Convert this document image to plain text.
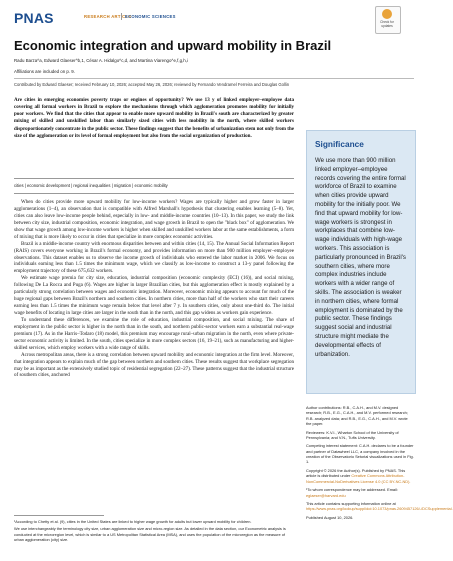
PNAS	RESEARCH ARTICLE
ECONOMIC SCIENCES
Check for updates
Economic integration and upward mobility in Brazil
Radu Barza^a, Edward Glaeser^b,1, César A. Hidalgo^c,d, and Martina Viarengo^e,f,g,h,i
Affiliations are included on p. 9.
Contributed by Edward Glaeser; received February 10, 2026; accepted May 26, 2026; reviewed by Fernando Vendramel Ferreira and Douglas Gollin
Are cities in emerging economies poverty traps or engines of opportunity? We use 13 y of linked employer–employee data covering all formal workers in Brazil to explore the mechanisms through which agglomeration promotes mobility for initially poor workers. We find that the cities that appear to enable more upward mobility in Brazil's south are characterized by greater mixing of skilled and unskilled labor than similarly sized cities with less mobility in the north, where skilled workers disproportionately concentrate in the public sector. These findings suggest that the benefits of urbanization stem not only from the size of the agglomeration or its level of formal employment but also from the social organization of production.
cities | economic development | regional inequalities | migration | economic mobility

When do cities provide more upward mobility for low-income workers? Wages are typically higher and grow faster in larger agglomerations (1–4), an observation that is compatible with Alfred Marshall's hypothesis that clustering enables learning (5–8). Yet, cities can also leave low-income people behind, especially in low- and middle-income countries (10–13). In this paper, we study the link between city size, industrial composition, economic integration, and wage growth in Brazil to open the "black box" of agglomeration. We show that wage growth among low-income workers is higher when skilled and unskilled workers labor at the same establishments, a form of mixing that is more likely to occur in cities that specialize in more complex economic activities.

Brazil is a middle-income country with enormous disparities between and within cities (14, 15). The Annual Social Information Report (RAIS) covers everyone working in Brazil's formal economy, and provides information on more than 900 million employer–employee observations. This dataset enables us to observe the income growth of individuals who entered the labor market in 2006. We focus on individuals earning less than 1.5 times the minimum wage, which we classify as low-income to construct a 13-y panel following the employment trajectory of these 675,632 workers.

We estimate wage premia for city size, education, industrial composition (economic complexity (ECI) (16)), and social mixing, following De La Rocca and Puga (6). Wages are higher in larger Brazilian cities, but this agglomeration effect is mostly explained by a particularly strong correlation between wages and economic integration. Moreover, economic mixing appears to account for much of the huge regional gaps between Brazil's northern and southern cities. In northern cities, more than half of the workers who start their careers earning less than 1.5 times the minimum wage remain below that level after 7 y. In southern cities, only about one-third do. The initial wage benefits of locating in large cities are larger in the south than in the north, and this gap widens as workers gain experience.

To understand these differences, we examine the role of education, industrial composition, and social mixing. The share of employment in the public sector is higher in the north than in the south, and northern public-sector workers earn a substantial real-wage premium (17). As in the Harris–Todaro (18) model, this premium may encourage rural–urban migration in the north, even where private-sector economic activity is limited. In the south, cities specialize in more complex sectors (16, 19–21), such as manufacturing and higher-skilled services, which employ workers with a wide range of skills.

Across metropolitan areas, there is a strong correlation between upward mobility and economic integration at the firm level. Moreover, that integration appears to explain much of the gap between northern and southern cities. These results suggest that workplace segregation may be as important as the extensively studied topic of residential segregation (22–27). These patterns suggest that the industrial structure of southern cities, anchored

¹According to Chetty et al. (9), cities in the United States are linked to higher wage growth for adults but lower upward mobility for children.

We use interchangeably the terminology city size, urban agglomeration size and micro-region size. As detailed in the data section, our Econometric analysis is conducted at the microregion level, which is similar to a US Metropolitan Statistical Area (MSA), and uses the population of the microregion as the measure of urban agglomeration (city) size.

Significance
We use more than 900 million linked employer–employee records covering the entire formal workforce of Brazil to examine when cities provide upward mobility for the initially poor. We find that upward mobility for low-wage workers is strongest in workplaces that combine low-wage individuals with high-wage workers. This association is particularly pronounced in Brazil's southern cities, where more complex industries include workers with a wider range of skills. The association is weaker in northern cities, where formal employment is dominated by the public sector. These findings suggest social and industrial structure might mediate the developmental effects of urbanization.

Author contributions: R.B., C.A.H., and M.V. designed research; R.B., E.G., C.A.H., and M.V. performed research; R.B. analyzed data; and R.B., E.G., C.A.H., and M.V. wrote the paper.

Reviewers: K.V.I., Wharton School of the University of Pennsylvania; and V.N., Tufts University.

Competing interest statement: C.A.H. declares to be a founder and partner of Datawheel LLC, a company involved in the creation of the Observatorio Setorial visualizations used in Fig. 1.

Copyright © 2026 the Author(s). Published by PNAS. This article is distributed under Creative Commons Attribution-NonCommercial-NoDerivatives License 4.0 (CC BY-NC-ND).

¹To whom correspondence may be addressed. Email: eglaeser@harvard.edu

This article contains supporting information online at https://www.pnas.org/lookup/suppl/doi:10.1073/pnas.2609457126/-/DCSupplemental.

Published August 10, 2026.
